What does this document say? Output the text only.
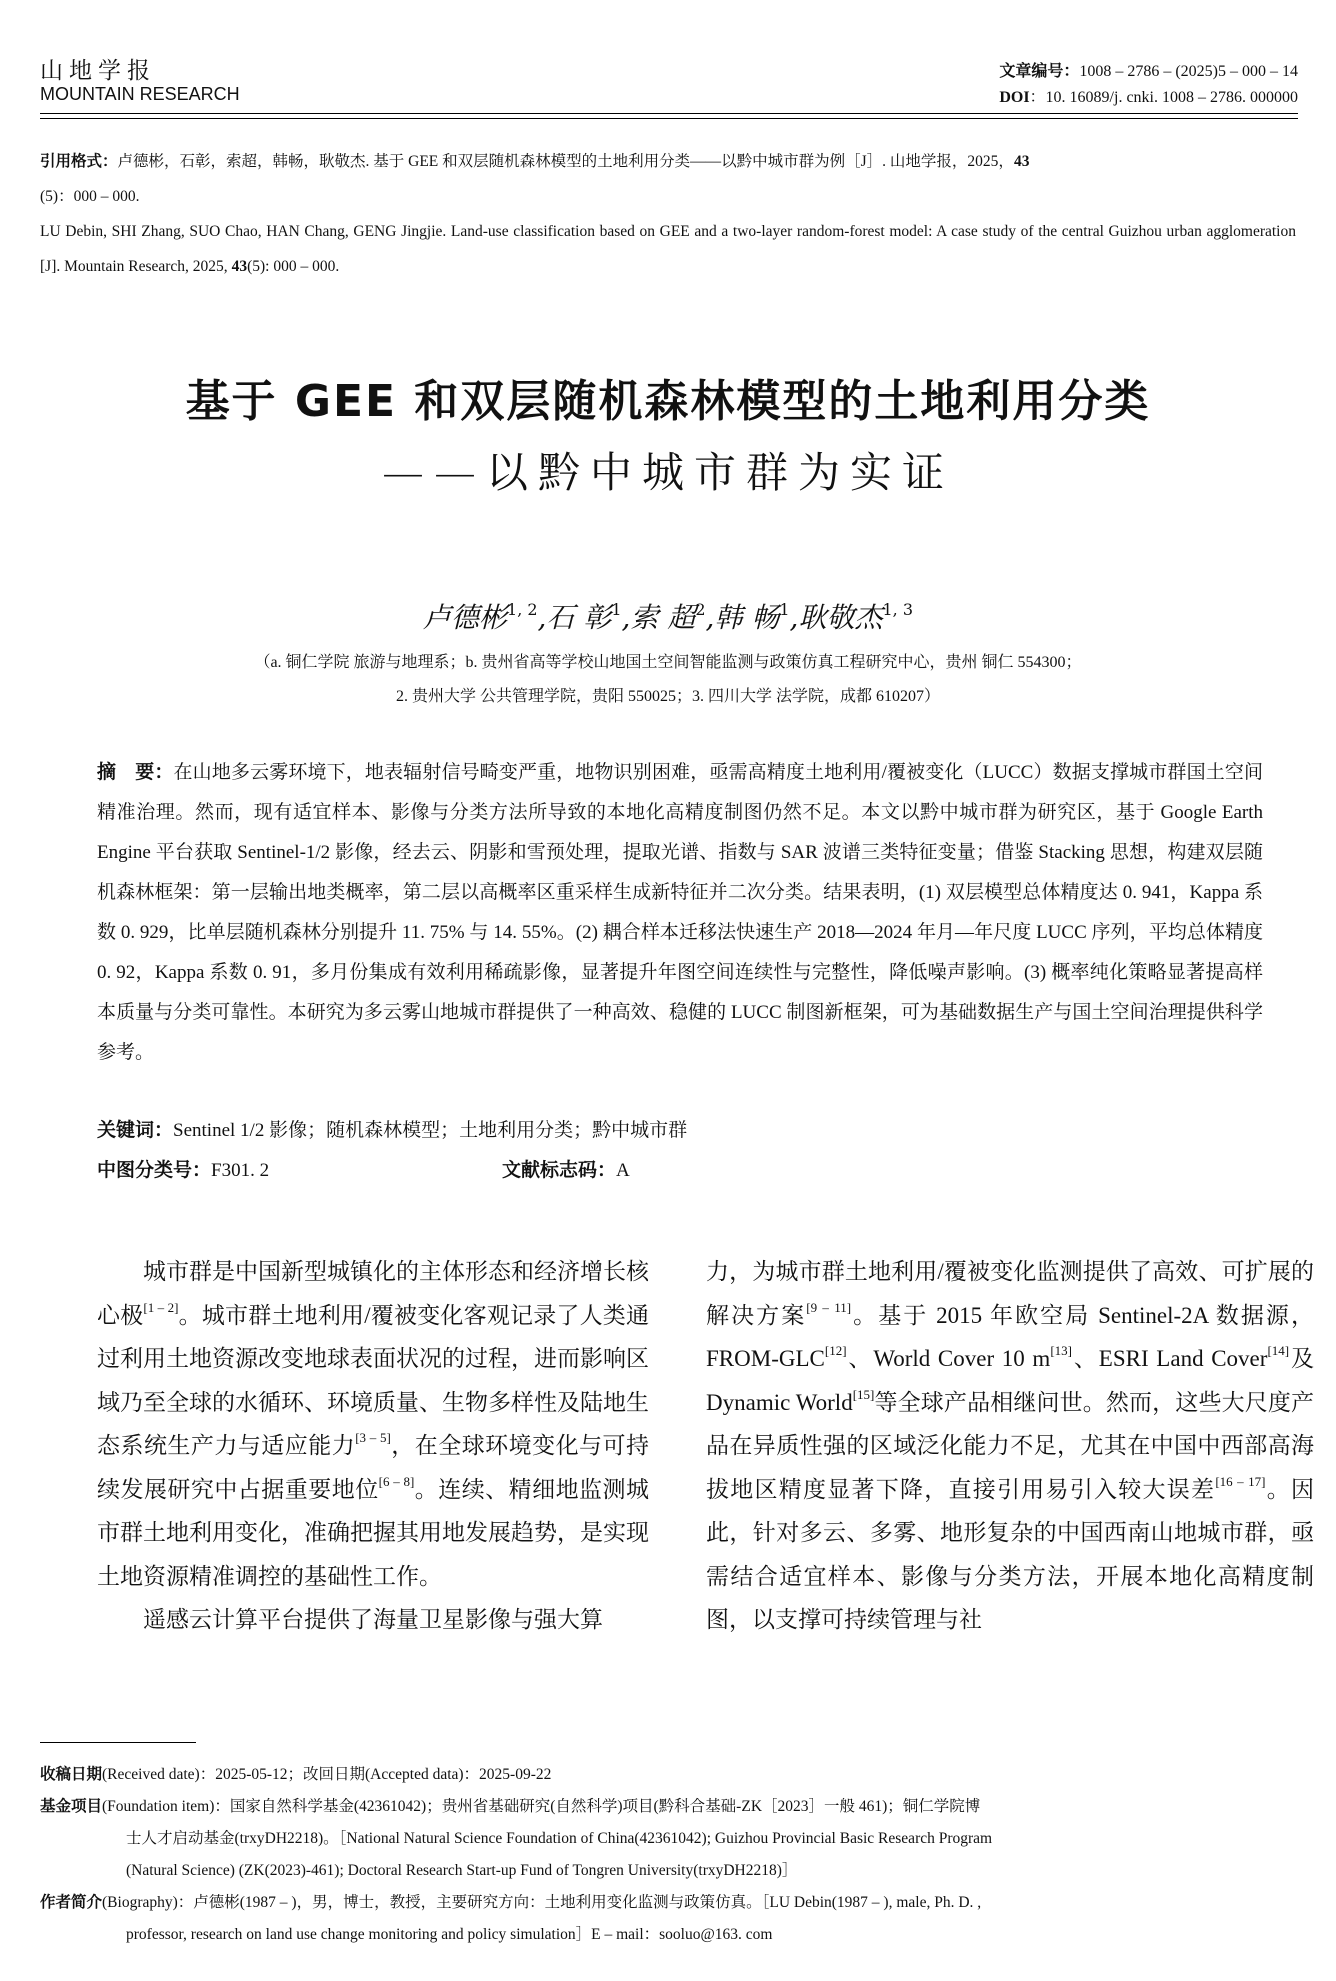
山地学报
MOUNTAIN RESEARCH
文章编号：1008 – 2786 – (2025)5 – 000 – 14
DOI：10. 16089/j. cnki. 1008 – 2786. 000000
引用格式：卢德彬，石彰，索超，韩畅，耿敬杰. 基于 GEE 和双层随机森林模型的土地利用分类——以黔中城市群为例［J］. 山地学报，2025，43
(5)：000 – 000.
LU Debin, SHI Zhang, SUO Chao, HAN Chang, GENG Jingjie. Land-use classification based on GEE and a two-layer random-forest model: A case study of the central Guizhou urban agglomeration [J]. Mountain Research, 2025, 43(5): 000 – 000.
基于 GEE 和双层随机森林模型的土地利用分类
——以黔中城市群为实证
卢德彬$^{1, 2}$,石 彰$^1$,索 超$^2$,韩 畅$^1$,耿敬杰$^{1, 3}$
（a. 铜仁学院 旅游与地理系；b. 贵州省高等学校山地国土空间智能监测与政策仿真工程研究中心，贵州 铜仁 554300；
2. 贵州大学 公共管理学院，贵阳 550025；3. 四川大学 法学院，成都 610207）
摘　要：在山地多云雾环境下，地表辐射信号畸变严重，地物识别困难，亟需高精度土地利用/覆被变化（LUCC）数据支撑城市群国土空间精准治理。然而，现有适宜样本、影像与分类方法所导致的本地化高精度制图仍然不足。本文以黔中城市群为研究区，基于 Google Earth Engine 平台获取 Sentinel-1/2 影像，经去云、阴影和雪预处理，提取光谱、指数与 SAR 波谱三类特征变量；借鉴 Stacking 思想，构建双层随机森林框架：第一层输出地类概率，第二层以高概率区重采样生成新特征并二次分类。结果表明，(1) 双层模型总体精度达 0. 941，Kappa 系数 0. 929，比单层随机森林分别提升 11. 75% 与 14. 55%。(2) 耦合样本迁移法快速生产 2018—2024 年月—年尺度 LUCC 序列，平均总体精度 0. 92，Kappa 系数 0. 91，多月份集成有效利用稀疏影像，显著提升年图空间连续性与完整性，降低噪声影响。(3) 概率纯化策略显著提高样本质量与分类可靠性。本研究为多云雾山地城市群提供了一种高效、稳健的 LUCC 制图新框架，可为基础数据生产与国土空间治理提供科学参考。
关键词：Sentinel 1/2 影像；随机森林模型；土地利用分类；黔中城市群
中图分类号：F301. 2	文献标志码：A

城市群是中国新型城镇化的主体形态和经济增长核心极[1 – 2]。城市群土地利用/覆被变化客观记录了人类通过利用土地资源改变地球表面状况的过程，进而影响区域乃至全球的水循环、环境质量、生物多样性及陆地生态系统生产力与适应能力[3 – 5]，在全球环境变化与可持续发展研究中占据重要地位[6 – 8]。连续、精细地监测城市群土地利用变化，准确把握其用地发展趋势，是实现土地资源精准调控的基础性工作。

遥感云计算平台提供了海量卫星影像与强大算

力，为城市群土地利用/覆被变化监测提供了高效、可扩展的解决方案[9 – 11]。基于 2015 年欧空局 Sentinel-2A 数据源，FROM-GLC[12]、World Cover 10 m[13]、ESRI Land Cover[14]及 Dynamic World[15]等全球产品相继问世。然而，这些大尺度产品在异质性强的区域泛化能力不足，尤其在中国中西部高海拔地区精度显著下降，直接引用易引入较大误差[16 – 17]。因此，针对多云、多雾、地形复杂的中国西南山地城市群，亟需结合适宜样本、影像与分类方法，开展本地化高精度制图，以支撑可持续管理与社

收稿日期(Received date)：2025-05-12；改回日期(Accepted data)：2025-09-22
基金项目(Foundation item)：国家自然科学基金(42361042)；贵州省基础研究(自然科学)项目(黔科合基础-ZK［2023］一般 461)；铜仁学院博
士人才启动基金(trxyDH2218)。［National Natural Science Foundation of China(42361042); Guizhou Provincial Basic Research Program
(Natural Science) (ZK(2023)-461); Doctoral Research Start-up Fund of Tongren University(trxyDH2218)］
作者简介(Biography)：卢德彬(1987 – )，男，博士，教授，主要研究方向：土地利用变化监测与政策仿真。［LU Debin(1987 – ), male, Ph. D. ,
professor, research on land use change monitoring and policy simulation］E – mail：sooluo@163. com
